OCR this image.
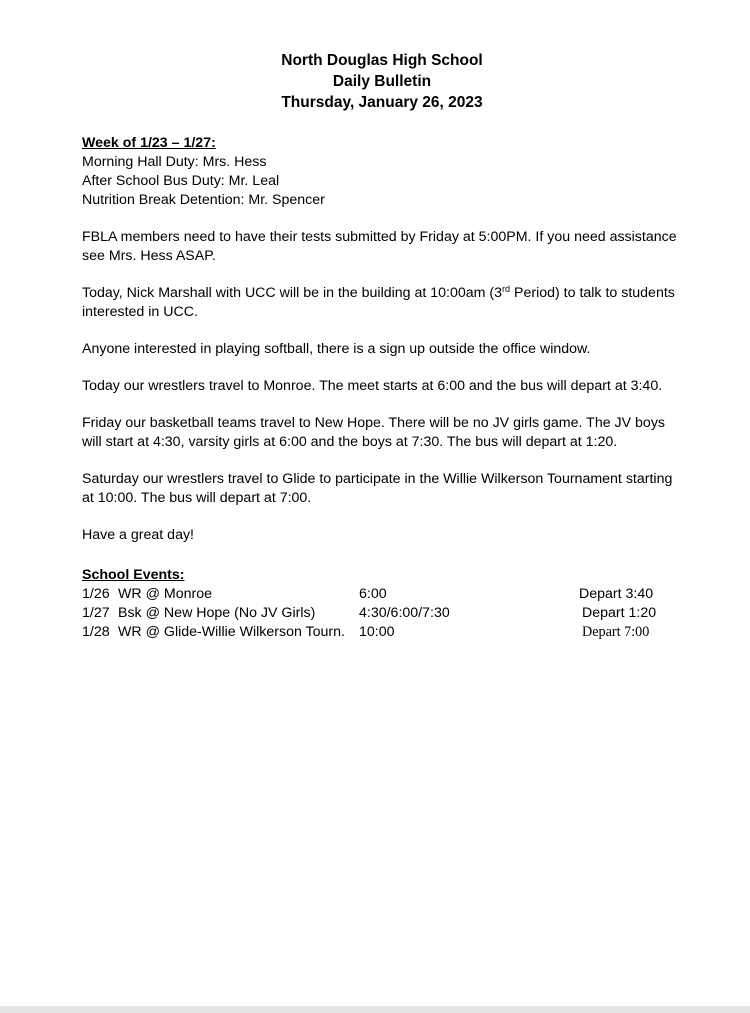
North Douglas High School
Daily Bulletin
Thursday, January 26, 2023
Week of 1/23 – 1/27:
Morning Hall Duty: Mrs. Hess
After School Bus Duty: Mr. Leal
Nutrition Break Detention: Mr. Spencer
FBLA members need to have their tests submitted by Friday at 5:00PM. If you need assistance see Mrs. Hess ASAP.
Today, Nick Marshall with UCC will be in the building at 10:00am (3rd Period) to talk to students interested in UCC.
Anyone interested in playing softball, there is a sign up outside the office window.
Today our wrestlers travel to Monroe. The meet starts at 6:00 and the bus will depart at 3:40.
Friday our basketball teams travel to New Hope. There will be no JV girls game. The JV boys will start at 4:30, varsity girls at 6:00 and the boys at 7:30. The bus will depart at 1:20.
Saturday our wrestlers travel to Glide to participate in the Willie Wilkerson Tournament starting at 10:00. The bus will depart at 7:00.
Have a great day!
School Events:
1/26 WR @ Monroe	6:00	Depart 3:40
1/27 Bsk @ New Hope (No JV Girls)	4:30/6:00/7:30	Depart 1:20
1/28 WR @ Glide-Willie Wilkerson Tourn. 10:00	Depart 7:00
